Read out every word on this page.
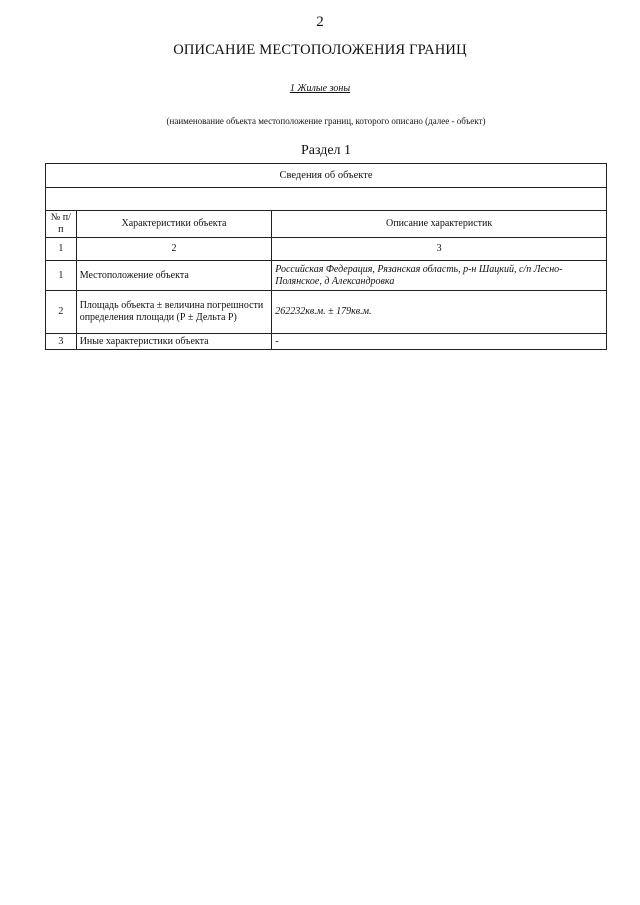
2
ОПИСАНИЕ МЕСТОПОЛОЖЕНИЯ ГРАНИЦ
1 Жилые зоны
(наименование объекта местоположение границ, которого описано (далее - объект)
Раздел 1
Сведения об объекте		

№ п/п	Характеристики объекта	Описание характеристик
1	2	3
1	Местоположение объекта	Российская Федерация, Рязанская область, р-н Шацкий, с/п Лесно-Полянское, д Александровка
2	Площадь объекта ± величина погрешности определения площади (Р ± Дельта Р)	262232кв.м. ± 179кв.м.
3	Иные характеристики объекта	-
